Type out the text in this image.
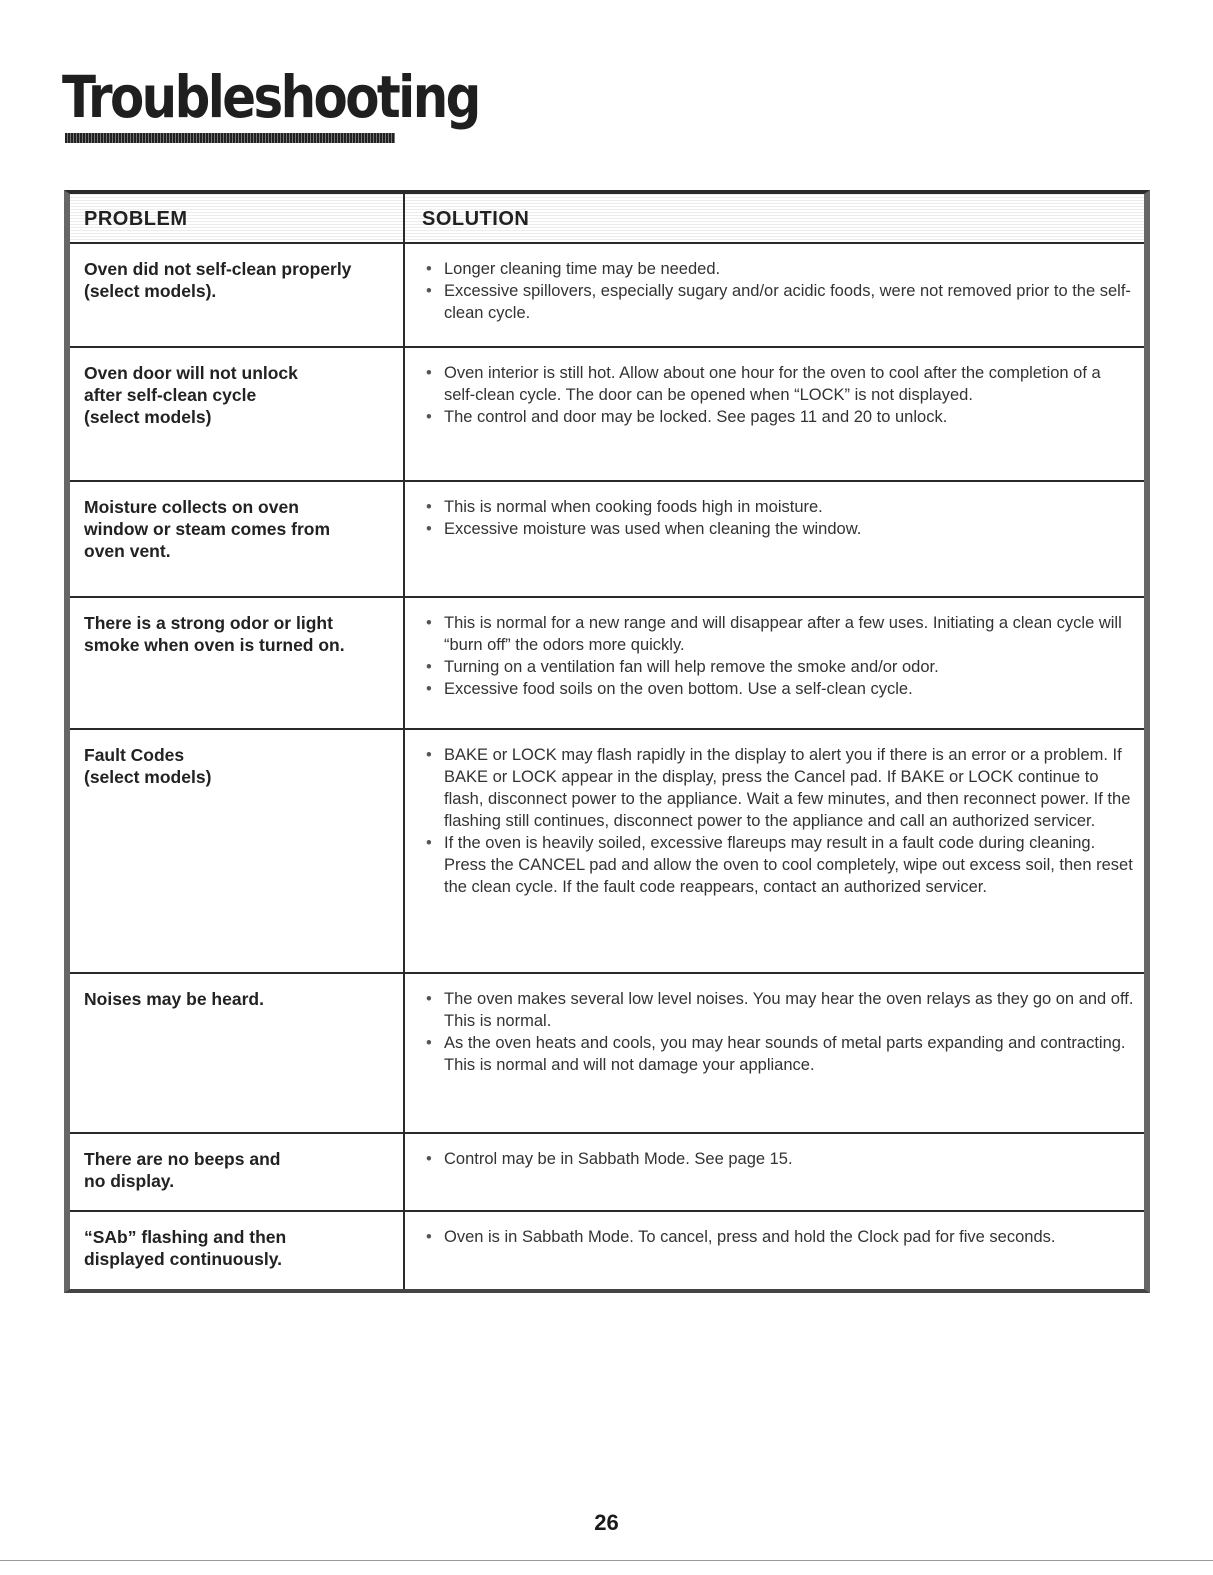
Troubleshooting
PROBLEM	SOLUTION
Oven did not self-clean properly
(select models).
• Longer cleaning time may be needed.
• Excessive spillovers, especially sugary and/or acidic foods, were not removed prior to the self-clean cycle.
Oven door will not unlock
after self-clean cycle
(select models)
• Oven interior is still hot. Allow about one hour for the oven to cool after the completion of a self-clean cycle. The door can be opened when “LOCK” is not displayed.
• The control and door may be locked. See pages 11 and 20 to unlock.
Moisture collects on oven
window or steam comes from
oven vent.
• This is normal when cooking foods high in moisture.
• Excessive moisture was used when cleaning the window.
There is a strong odor or light
smoke when oven is turned on.
• This is normal for a new range and will disappear after a few uses. Initiating a clean cycle will “burn off” the odors more quickly.
• Turning on a ventilation fan will help remove the smoke and/or odor.
• Excessive food soils on the oven bottom. Use a self-clean cycle.
Fault Codes
(select models)
• BAKE or LOCK may flash rapidly in the display to alert you if there is an error or a problem. If BAKE or LOCK appear in the display, press the Cancel pad. If BAKE or LOCK continue to flash, disconnect power to the appliance. Wait a few minutes, and then reconnect power. If the flashing still continues, disconnect power to the appliance and call an authorized servicer.
• If the oven is heavily soiled, excessive flareups may result in a fault code during cleaning. Press the CANCEL pad and allow the oven to cool completely, wipe out excess soil, then reset the clean cycle. If the fault code reappears, contact an authorized servicer.
Noises may be heard.
•	The oven makes several low level noises. You may hear the oven relays as they go on and off. This is normal.
• As the oven heats and cools, you may hear sounds of metal parts expanding and contracting. This is normal and will not damage your appliance.
There are no beeps and
no display.
• Control may be in Sabbath Mode. See page 15.
“SAb” flashing and then
displayed continuously.
• Oven is in Sabbath Mode. To cancel, press and hold the Clock pad for five seconds.
26
